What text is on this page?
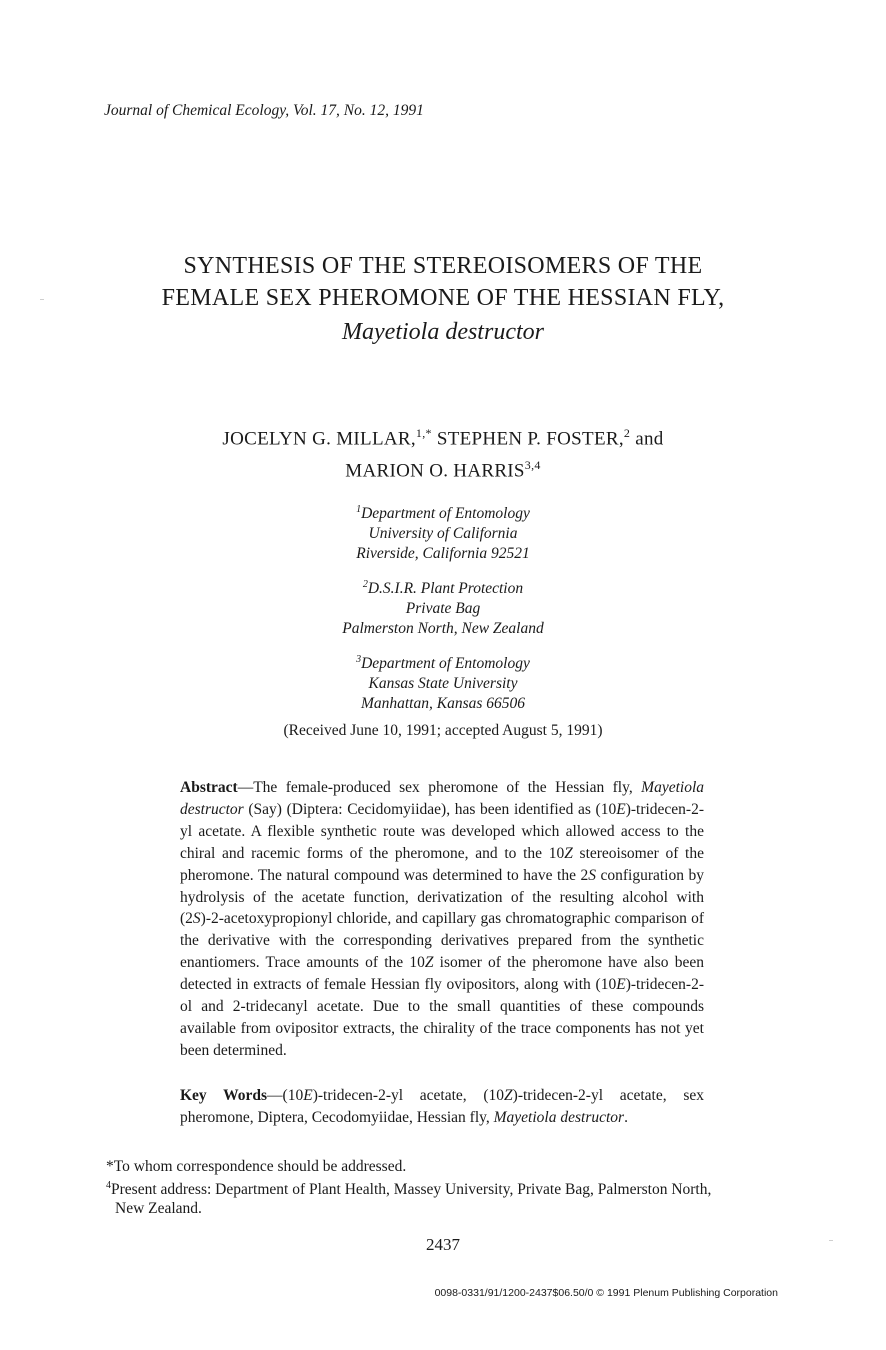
Journal of Chemical Ecology, Vol. 17, No. 12, 1991
SYNTHESIS OF THE STEREOISOMERS OF THE
FEMALE SEX PHEROMONE OF THE HESSIAN FLY,
Mayetiola destructor
JOCELYN G. MILLAR,$^{1,*}$ STEPHEN P. FOSTER,$^2$ and
MARION O. HARRIS$^{3,4}$
$^1$Department of Entomology
University of California
Riverside, California 92521
$^2$D.S.I.R. Plant Protection
Private Bag
Palmerston North, New Zealand
$^3$Department of Entomology
Kansas State University
Manhattan, Kansas 66506
(Received June 10, 1991; accepted August 5, 1991)
Abstract—The female-produced sex pheromone of the Hessian fly, Mayetiola destructor (Say) (Diptera: Cecidomyiidae), has been identified as (10E)-tridecen-2-yl acetate. A flexible synthetic route was developed which allowed access to the chiral and racemic forms of the pheromone, and to the 10Z stereoisomer of the pheromone. The natural compound was determined to have the 2S configuration by hydrolysis of the acetate function, derivatization of the resulting alcohol with (2S)-2-acetoxypropionyl chloride, and capillary gas chromatographic comparison of the derivative with the corresponding derivatives prepared from the synthetic enantiomers. Trace amounts of the 10Z isomer of the pheromone have also been detected in extracts of female Hessian fly ovipositors, along with (10E)-tridecen-2-ol and 2-tridecanyl acetate. Due to the small quantities of these compounds available from ovipositor extracts, the chirality of the trace components has not yet been determined.
Key Words—(10E)-tridecen-2-yl acetate, (10Z)-tridecen-2-yl acetate, sex pheromone, Diptera, Cecodomyiidae, Hessian fly, Mayetiola destructor.
*To whom correspondence should be addressed.
$^4$Present address: Department of Plant Health, Massey University, Private Bag, Palmerston North,
New Zealand.
2437
0098-0331/91/1200-2437$06.50/0 © 1991 Plenum Publishing Corporation
